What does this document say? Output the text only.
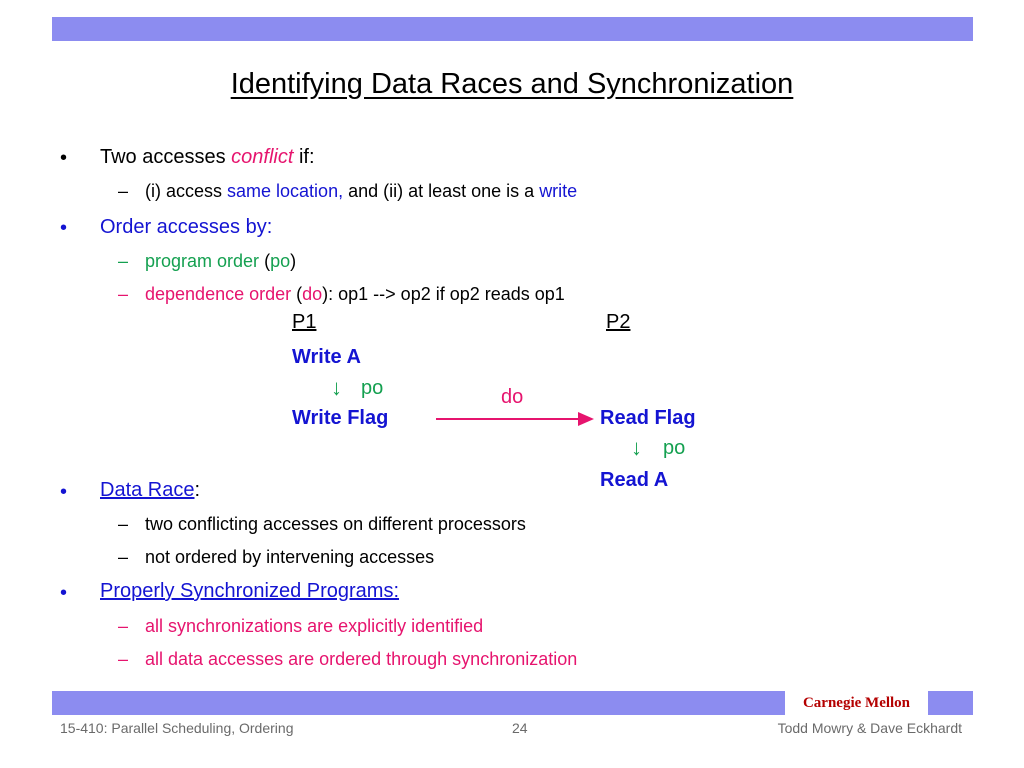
Identifying Data Races and Synchronization
• Two accesses conflict if:
– (i) access same location, and (ii) at least one is a write
• Order accesses by:
– program order (po)
– dependence order (do): op1 --> op2 if op2 reads op1
P1	P2
Write A
↓ po	do
Write Flag	Read Flag
↓ po
Read A
• Data Race:
– two conflicting accesses on different processors
– not ordered by intervening accesses
• Properly Synchronized Programs:
– all synchronizations are explicitly identified
– all data accesses are ordered through synchronization
Carnegie Mellon
15-410: Parallel Scheduling, Ordering	24	Todd Mowry & Dave Eckhardt
